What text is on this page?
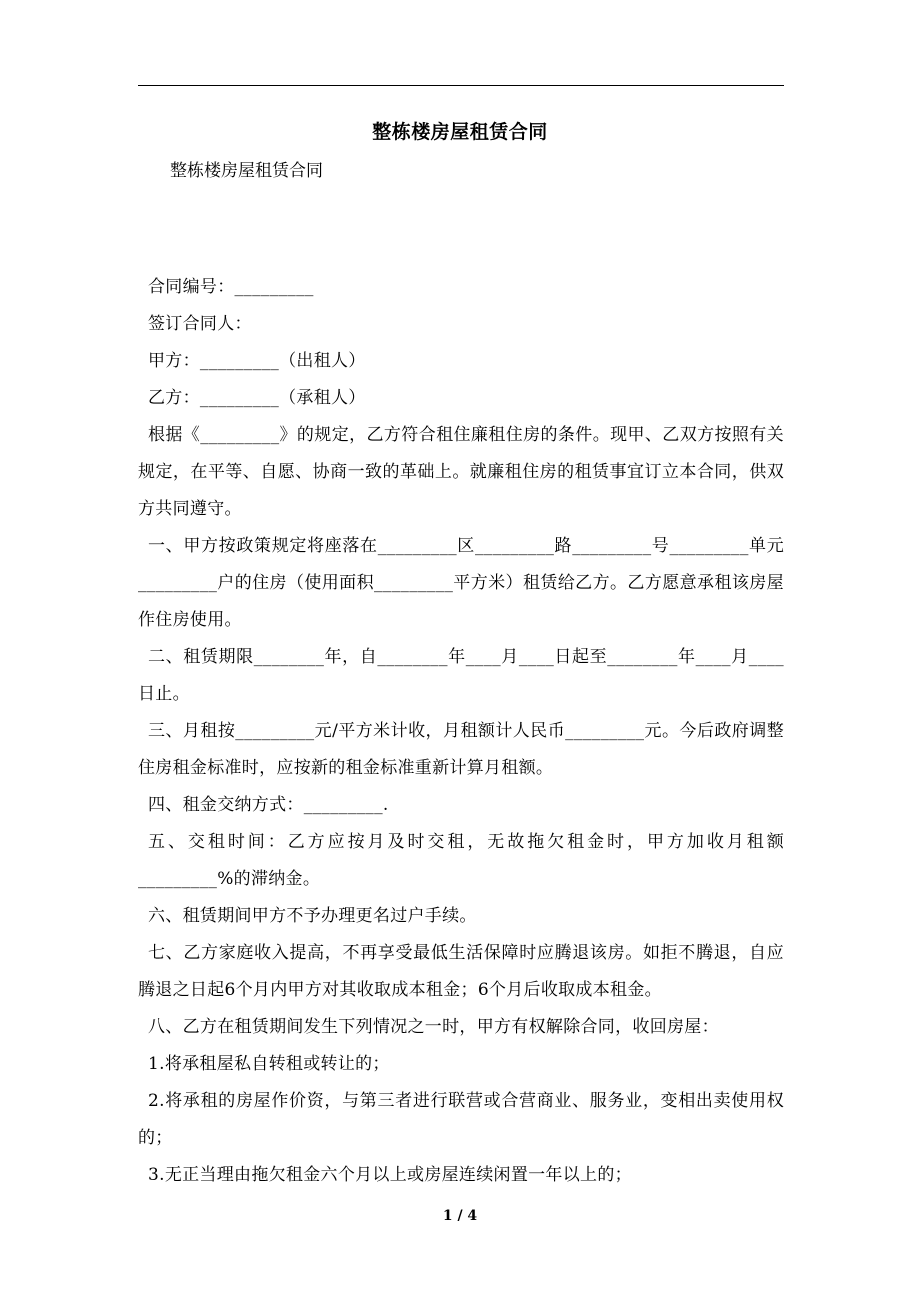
整栋楼房屋租赁合同
整栋楼房屋租赁合同

合同编号：_________

签订合同人：

甲方：_________（出租人）

乙方：_________（承租人）

根据《_________》的规定，乙方符合租住廉租住房的条件。现甲、乙双方按照有关规定，在平等、自愿、协商一致的革础上。就廉租住房的租赁事宜订立本合同，供双方共同遵守。

一、甲方按政策规定将座落在_________区_________路_________号_________单元_________户的住房（使用面积_________平方米）租赁给乙方。乙方愿意承租该房屋作住房使用。

二、租赁期限________年，自________年____月____日起至________年____月____日止。

三、月租按_________元/平方米计收，月租额计人民币_________元。今后政府调整住房租金标准时，应按新的租金标准重新计算月租额。

四、租金交纳方式：_________.

五、交租时间：乙方应按月及时交租，无故拖欠租金时，甲方加收月租额_________%的滞纳金。

六、租赁期间甲方不予办理更名过户手续。

七、乙方家庭收入提高，不再享受最低生活保障时应腾退该房。如拒不腾退，自应腾退之日起6个月内甲方对其收取成本租金；6个月后收取成本租金。

八、乙方在租赁期间发生下列情况之一时，甲方有权解除合同，收回房屋：

1.将承租屋私自转租或转让的；

2.将承租的房屋作价资，与第三者进行联营或合营商业、服务业，变相出卖使用权的；

3.无正当理由拖欠租金六个月以上或房屋连续闲置一年以上的；

1 / 4
